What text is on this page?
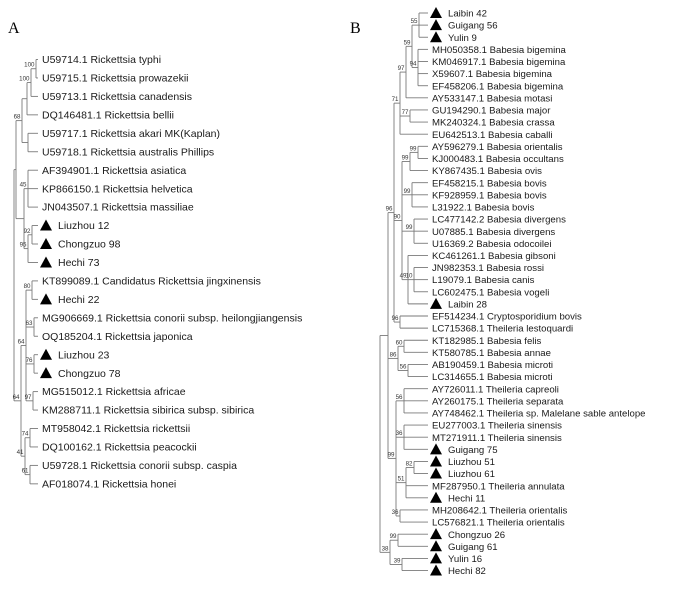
A
68
100
100
45
95
92
64
64
80
63
76
97
41
74
61
U59714.1 Rickettsia typhi
U59715.1 Rickettsia prowazekii
U59713.1 Rickettsia canadensis
DQ146481.1 Rickettsia bellii
U59717.1 Rickettsia akari MK(Kaplan)
U59718.1 Rickettsia australis Phillips
AF394901.1 Rickettsia asiatica
KP866150.1 Rickettsia helvetica
JN043507.1 Rickettsia massiliae
Liuzhou 12
Chongzuo 98
Hechi 73
KT899089.1 Candidatus Rickettsia jingxinensis
Hechi 22
MG906669.1 Rickettsia conorii subsp. heilongjiangensis
OQ185204.1 Rickettsia japonica
Liuzhou 23
Chongzuo 78
MG515012.1 Rickettsia africae
KM288711.1 Rickettsia sibirica subsp. sibirica
MT958042.1 Rickettsia rickettsii
DQ100162.1 Rickettsia peacockii
U59728.1 Rickettsia conorii subsp. caspia
AF018074.1 Rickettsia honei
B
96
71
97
59
55
94
77
90
99
99
99
99
49 10
96
86
60
56
99
56
36
51
82
36
38
99
39
Laibin 42
Guigang 56
Yulin 9
MH050358.1 Babesia bigemina
KM046917.1 Babesia bigemina
X59607.1 Babesia bigemina
EF458206.1 Babesia bigemina
AY533147.1 Babesia motasi
GU194290.1 Babesia major
MK240324.1 Babesia crassa
EU642513.1 Babesia caballi
AY596279.1 Babesia orientalis
KJ000483.1 Babesia occultans
KY867435.1 Babesia ovis
EF458215.1 Babesia bovis
KF928959.1 Babesia bovis
L31922.1 Babesia bovis
LC477142.2 Babesia divergens
U07885.1 Babesia divergens
U16369.2 Babesia odocoilei
KC461261.1 Babesia gibsoni
JN982353.1 Babesia rossi
L19079.1 Babesia canis
LC602475.1 Babesia vogeli
Laibin 28
EF514234.1 Cryptosporidium bovis
LC715368.1 Theileria lestoquardi
KT182985.1 Babesia felis
KT580785.1 Babesia annae
AB190459.1 Babesia microti
LC314655.1 Babesia microti
AY726011.1 Theileria capreoli
AY260175.1 Theileria separata
AY748462.1 Theileria sp. Malelane sable antelope
EU277003.1 Theileria sinensis
MT271911.1 Theileria sinensis
Guigang 75
Liuzhou 51
Liuzhou 61
MF287950.1 Theileria annulata
Hechi 11
MH208642.1 Theileria orientalis
LC576821.1 Theileria orientalis
Chongzuo 26
Guigang 61
Yulin 16
Hechi 82
